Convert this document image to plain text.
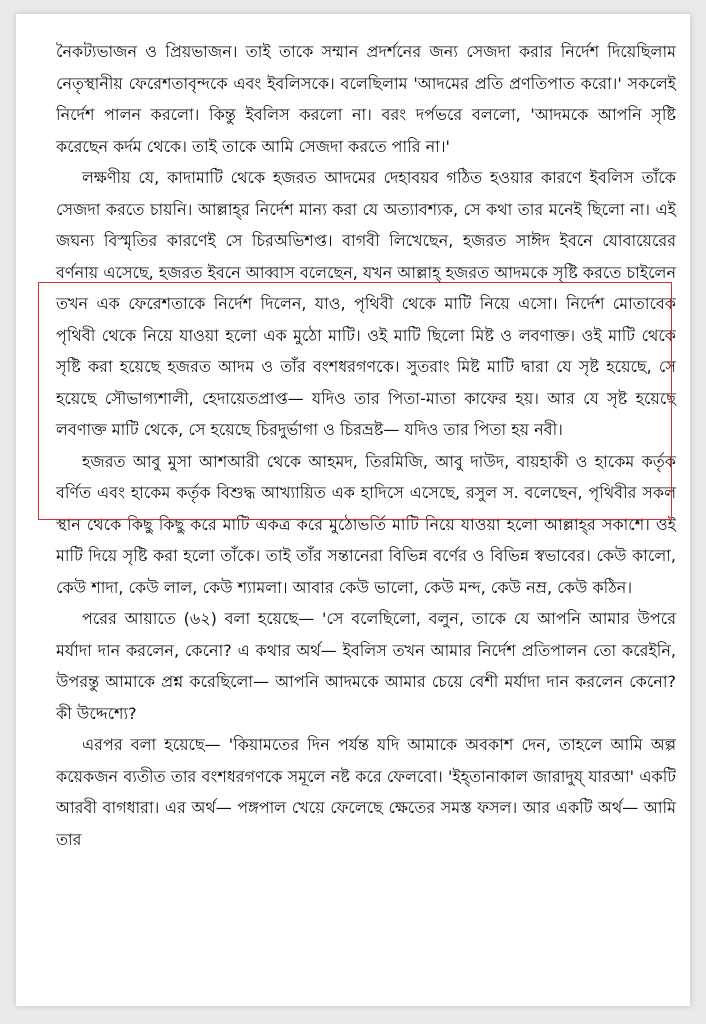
নৈকট্যভাজন ও প্রিয়ভাজন। তাই তাকে সম্মান প্রদর্শনের জন্য সেজদা করার নির্দেশ দিয়েছিলাম নেতৃস্থানীয় ফেরেশতাবৃন্দকে এবং ইবলিসকে। বলেছিলাম 'আদমের প্রতি প্রণতিপাত করো।' সকলেই নির্দেশ পালন করলো। কিন্তু ইবলিস করলো না। বরং দর্পভরে বললো, 'আদমকে আপনি সৃষ্টি করেছেন কর্দম থেকে। তাই তাকে আমি সেজদা করতে পারি না।'

লক্ষণীয় যে, কাদামাটি থেকে হজরত আদমের দেহাবয়ব গঠিত হওয়ার কারণে ইবলিস তাঁকে সেজদা করতে চায়নি। আল্লাহ্‌র নির্দেশ মান্য করা যে অত্যাবশ্যক, সে কথা তার মনেই ছিলো না। এই জঘন্য বিস্মৃতির কারণেই সে চিরঅভিশপ্ত। বাগবী লিখেছেন, হজরত সাঈদ ইবনে যোবায়েরের বর্ণনায় এসেছে, হজরত ইবনে আব্বাস বলেছেন, যখন আল্লাহ্‌ হজরত আদমকে সৃষ্টি করতে চাইলেন তখন এক ফেরেশতাকে নির্দেশ দিলেন, যাও, পৃথিবী থেকে মাটি নিয়ে এসো। নির্দেশ মোতাবেক পৃথিবী থেকে নিয়ে যাওয়া হলো এক মুঠো মাটি। ওই মাটি ছিলো মিষ্ট ও লবণাক্ত। ওই মাটি থেকে সৃষ্টি করা হয়েছে হজরত আদম ও তাঁর বংশধরগণকে। সুতরাং মিষ্ট মাটি দ্বারা যে সৃষ্ট হয়েছে, সে হয়েছে সৌভাগ্যশালী, হেদায়েতপ্রাপ্ত— যদিও তার পিতা-মাতা কাফের হয়। আর যে সৃষ্ট হয়েছে লবণাক্ত মাটি থেকে, সে হয়েছে চিরদুর্ভাগা ও চিরভ্রষ্ট— যদিও তার পিতা হয় নবী।

হজরত আবু মুসা আশআরী থেকে আহমদ, তিরমিজি, আবু দাউদ, বায়হাকী ও হাকেম কর্তৃক বর্ণিত এবং হাকেম কর্তৃক বিশুদ্ধ আখ্যায়িত এক হাদিসে এসেছে, রসুল স. বলেছেন, পৃথিবীর সকল স্থান থেকে কিছু কিছু করে মাটি একত্র করে মুঠোভর্তি মাটি নিয়ে যাওয়া হলো আল্লাহ্‌র সকাশে। ওই মাটি দিয়ে সৃষ্টি করা হলো তাঁকে। তাই তাঁর সন্তানেরা বিভিন্ন বর্ণের ও বিভিন্ন স্বভাবের। কেউ কালো, কেউ শাদা, কেউ লাল, কেউ শ্যামলা। আবার কেউ ভালো, কেউ মন্দ, কেউ নম্র, কেউ কঠিন।

পরের আয়াতে (৬২) বলা হয়েছে— 'সে বলেছিলো, বলুন, তাকে যে আপনি আমার উপরে মর্যাদা দান করলেন, কেনো? এ কথার অর্থ— ইবলিস তখন আমার নির্দেশ প্রতিপালন তো করেইনি, উপরন্তু আমাকে প্রশ্ন করেছিলো— আপনি আদমকে আমার চেয়ে বেশী মর্যাদা দান করলেন কেনো? কী উদ্দেশ্যে?

এরপর বলা হয়েছে— 'কিয়ামতের দিন পর্যন্ত যদি আমাকে অবকাশ দেন, তাহলে আমি অল্প কয়েকজন ব্যতীত তার বংশধরগণকে সমূলে নষ্ট করে ফেলবো। 'ইহ্‌তানাকাল জারাদুয্‌ যারআ' একটি আরবী বাগধারা। এর অর্থ— পঙ্গপাল খেয়ে ফেলেছে ক্ষেতের সমস্ত ফসল। আর একটি অর্থ— আমি তার
